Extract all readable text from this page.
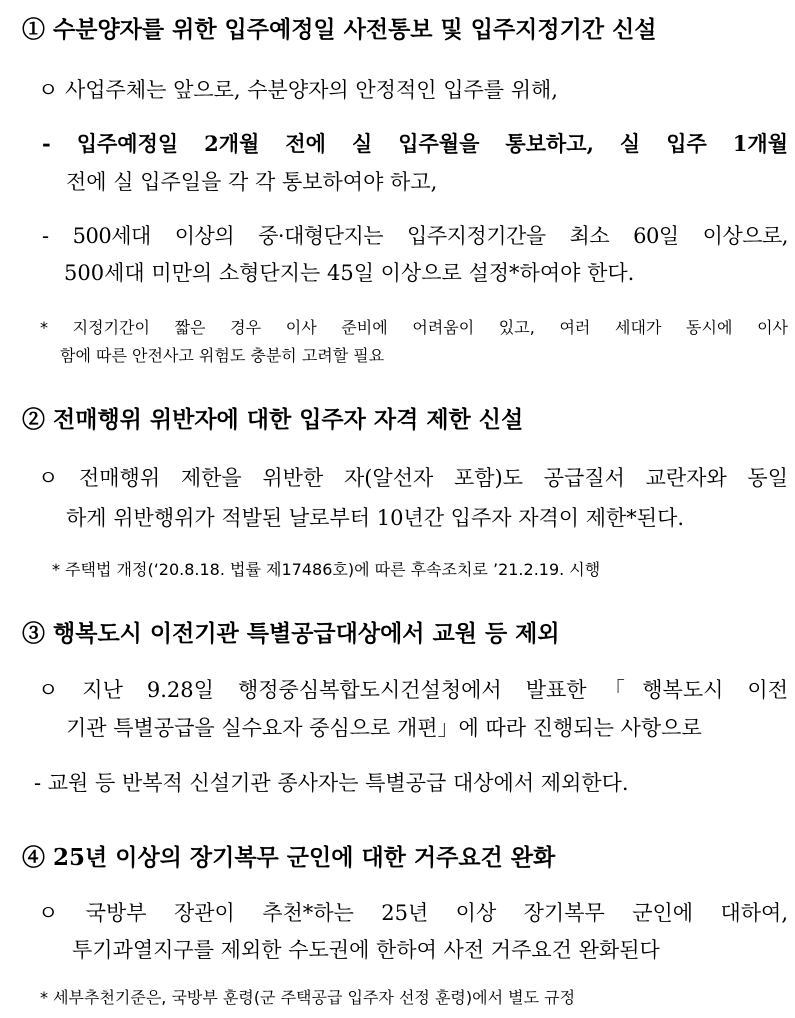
① 수분양자를 위한 입주예정일 사전통보 및 입주지정기간 신설
ㅇ 사업주체는 앞으로, 수분양자의 안정적인 입주를 위해,
- 입주예정일 2개월 전에 실 입주월을 통보하고, 실 입주 1개월
전에 실 입주일을 각 각 통보하여야 하고,
- 500세대 이상의 중·대형단지는 입주지정기간을 최소 60일 이상으로,
500세대 미만의 소형단지는 45일 이상으로 설정*하여야 한다.
* 지정기간이 짧은 경우 이사 준비에 어려움이 있고, 여러 세대가 동시에 이사
함에 따른 안전사고 위험도 충분히 고려할 필요
② 전매행위 위반자에 대한 입주자 자격 제한 신설
ㅇ 전매행위 제한을 위반한 자(알선자 포함)도 공급질서 교란자와 동일
하게 위반행위가 적발된 날로부터 10년간 입주자 자격이 제한*된다.
* 주택법 개정(‘20.8.18. 법률 제17486호)에 따른 후속조치로 ’21.2.19. 시행
③ 행복도시 이전기관 특별공급대상에서 교원 등 제외
ㅇ 지난 9.28일 행정중심복합도시건설청에서 발표한「행복도시 이전
기관 특별공급을 실수요자 중심으로 개편」에 따라 진행되는 사항으로
- 교원 등 반복적 신설기관 종사자는 특별공급 대상에서 제외한다.
④ 25년 이상의 장기복무 군인에 대한 거주요건 완화
ㅇ 국방부 장관이 추천*하는 25년 이상 장기복무 군인에 대하여,
투기과열지구를 제외한 수도권에 한하여 사전 거주요건 완화된다
* 세부추천기준은, 국방부 훈령(군 주택공급 입주자 선정 훈령)에서 별도 규정
